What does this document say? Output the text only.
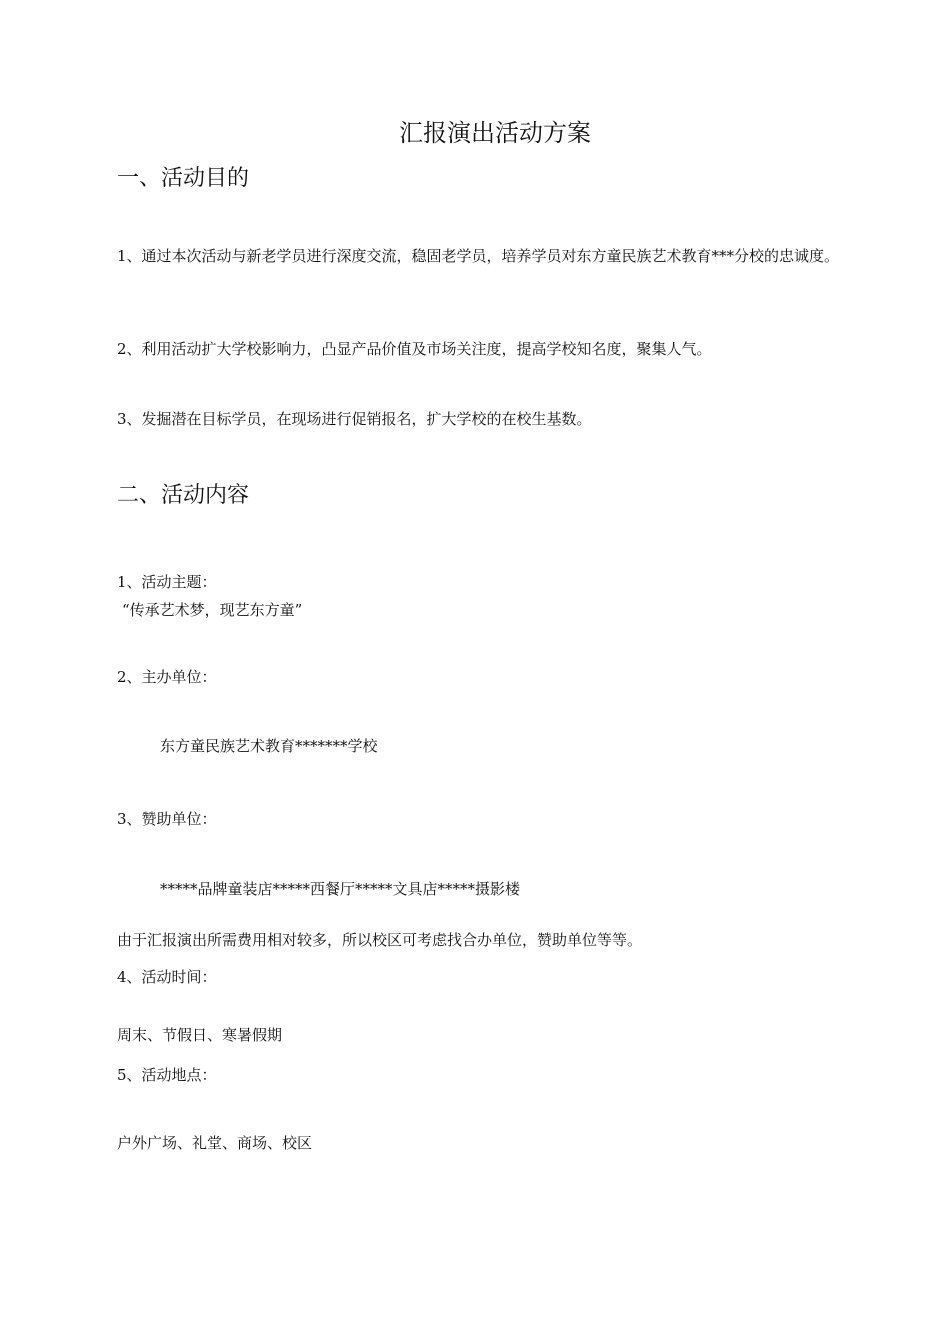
汇报演出活动方案
一、活动目的
1、通过本次活动与新老学员进行深度交流，稳固老学员，培养学员对东方童民族艺术教育***分校的忠诚度。
2、利用活动扩大学校影响力，凸显产品价值及市场关注度，提高学校知名度，聚集人气。
3、发掘潜在目标学员，在现场进行促销报名，扩大学校的在校生基数。
二、活动内容
1、活动主题：
“传承艺术梦，现艺东方童”
2、主办单位：
东方童民族艺术教育*******学校
3、赞助单位：
*****品牌童装店*****西餐厅*****文具店*****摄影楼
由于汇报演出所需费用相对较多，所以校区可考虑找合办单位，赞助单位等等。
4、活动时间：
周末、节假日、寒暑假期
5、活动地点：
户外广场、礼堂、商场、校区
